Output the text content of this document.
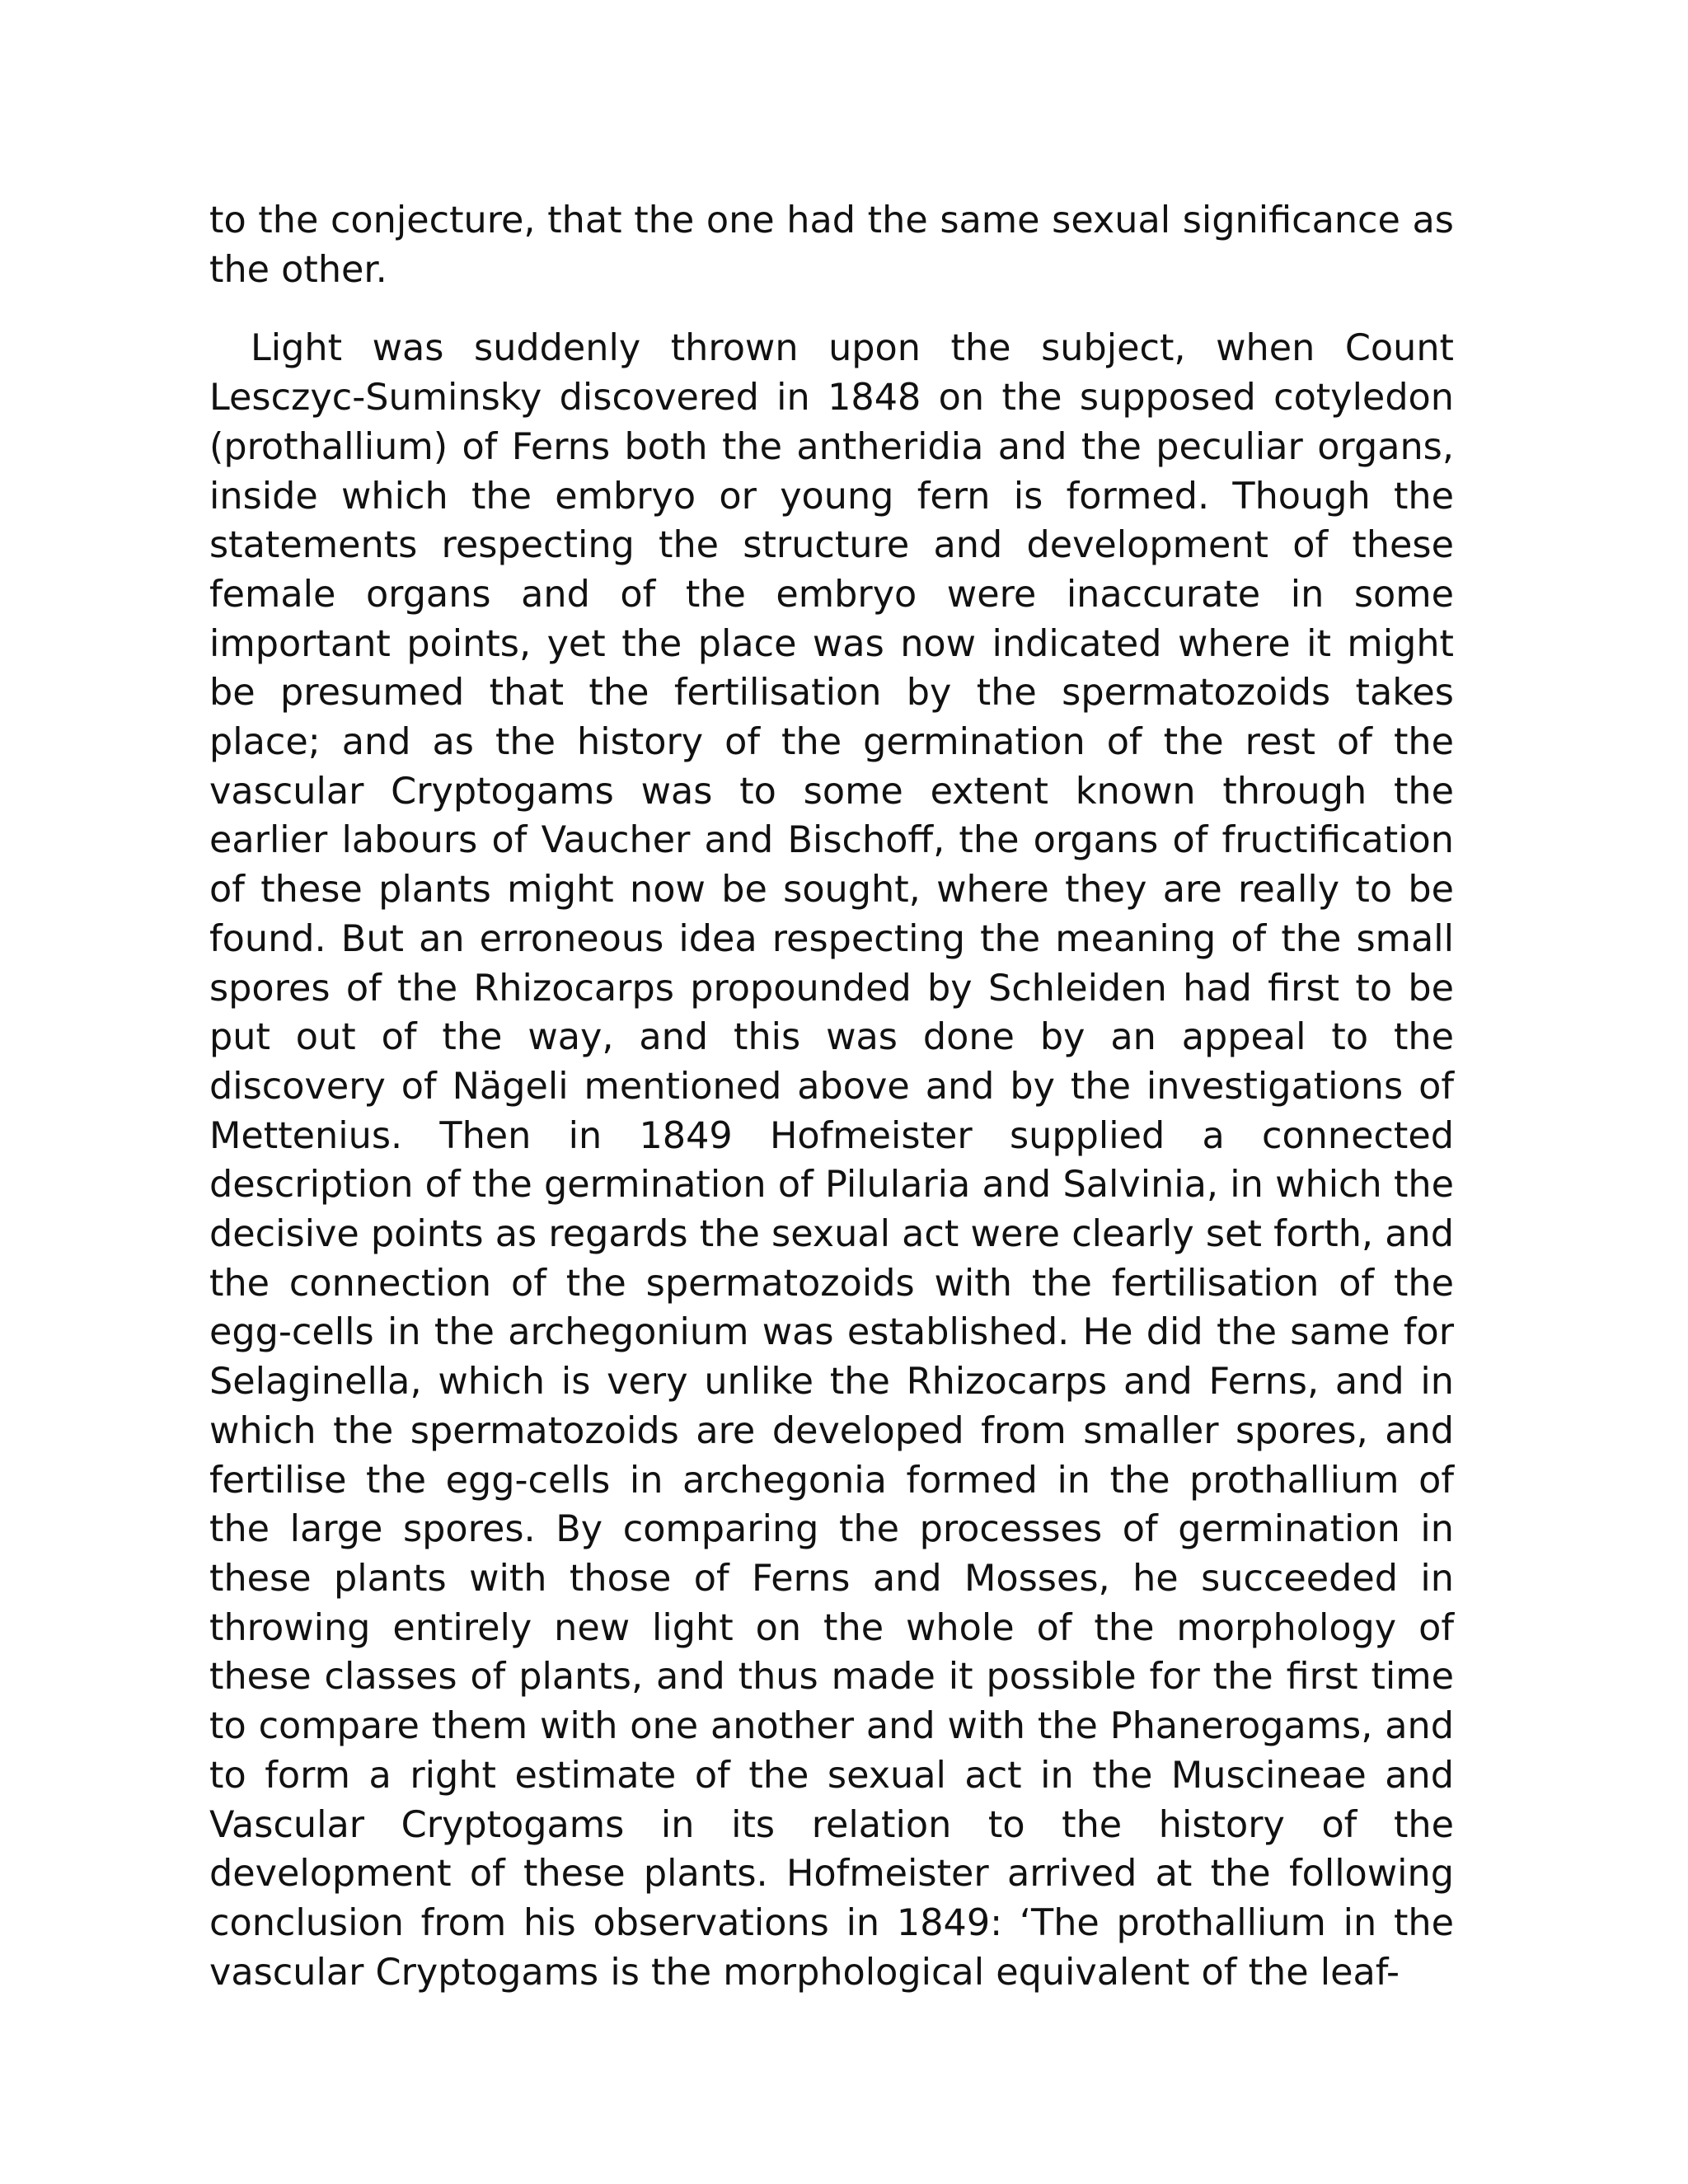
to the conjecture, that the one had the same sexual significance as the other.

Light was suddenly thrown upon the subject, when Count Lesczyc-Suminsky discovered in 1848 on the supposed cotyledon (prothallium) of Ferns both the antheridia and the peculiar organs, inside which the embryo or young fern is formed. Though the statements respecting the structure and development of these female organs and of the embryo were inaccurate in some important points, yet the place was now indicated where it might be presumed that the fertilisation by the spermatozoids takes place; and as the history of the germination of the rest of the vascular Cryptogams was to some extent known through the earlier labours of Vaucher and Bischoff, the organs of fructification of these plants might now be sought, where they are really to be found. But an erroneous idea respecting the meaning of the small spores of the Rhizocarps propounded by Schleiden had first to be put out of the way, and this was done by an appeal to the discovery of Nägeli mentioned above and by the investigations of Mettenius. Then in 1849 Hofmeister supplied a connected description of the germination of Pilularia and Salvinia, in which the decisive points as regards the sexual act were clearly set forth, and the connection of the spermatozoids with the fertilisation of the egg-cells in the archegonium was established. He did the same for Selaginella, which is very unlike the Rhizocarps and Ferns, and in which the spermatozoids are developed from smaller spores, and fertilise the egg-cells in archegonia formed in the prothallium of the large spores. By comparing the processes of germination in these plants with those of Ferns and Mosses, he succeeded in throwing entirely new light on the whole of the morphology of these classes of plants, and thus made it possible for the first time to compare them with one another and with the Phanerogams, and to form a right estimate of the sexual act in the Muscineae and Vascular Cryptogams in its relation to the history of the development of these plants. Hofmeister arrived at the following conclusion from his observations in 1849: ‘The prothallium in the vascular Cryptogams is the morphological equivalent of the leaf-
